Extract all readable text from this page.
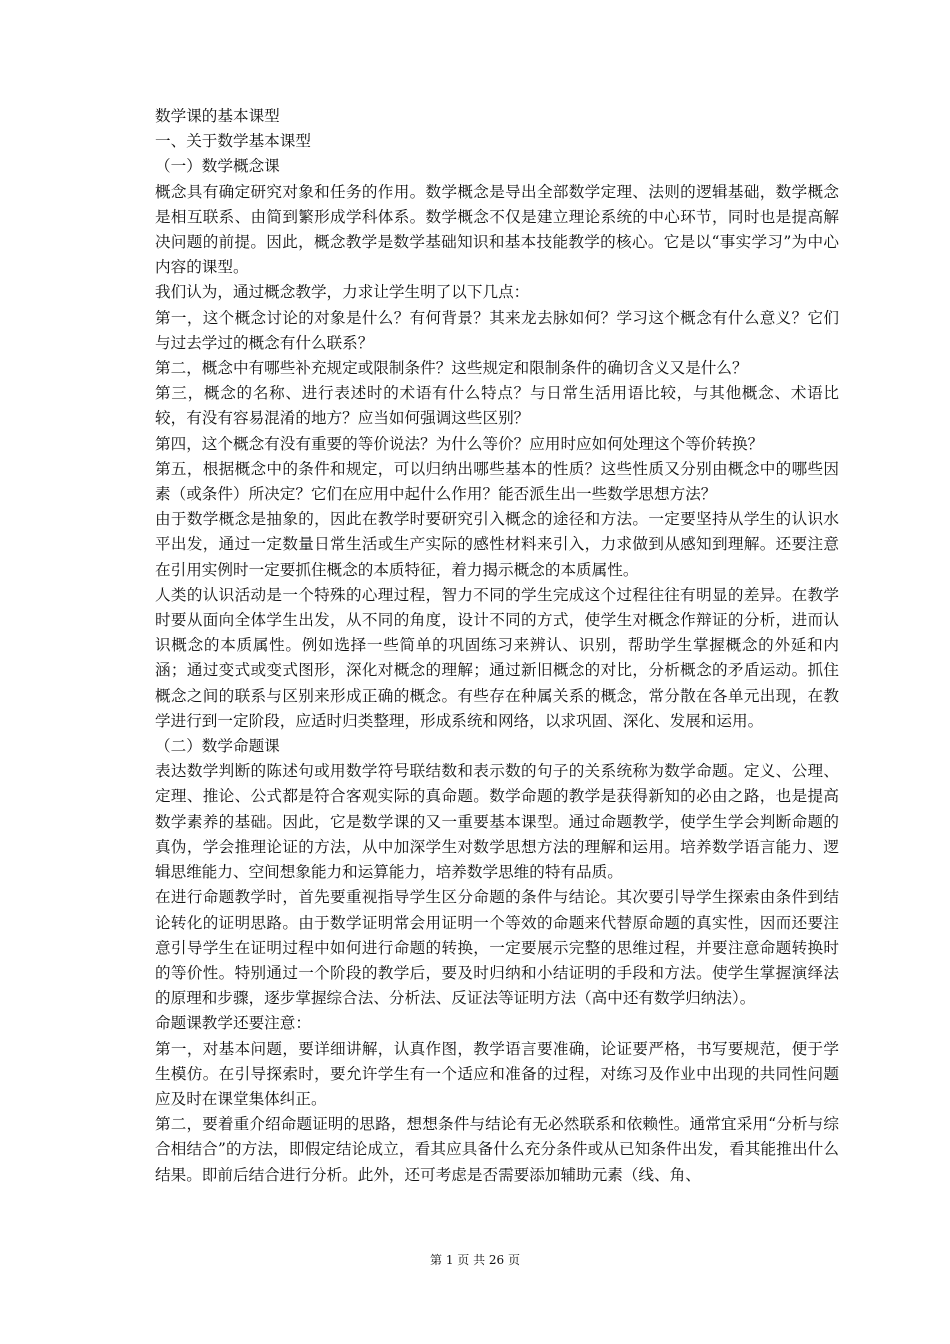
数学课的基本课型

一、关于数学基本课型

（一）数学概念课

概念具有确定研究对象和任务的作用。数学概念是导出全部数学定理、法则的逻辑基础，数学概念是相互联系、由简到繁形成学科体系。数学概念不仅是建立理论系统的中心环节，同时也是提高解决问题的前提。因此，概念教学是数学基础知识和基本技能教学的核心。它是以“事实学习”为中心内容的课型。

我们认为，通过概念教学，力求让学生明了以下几点：

第一，这个概念讨论的对象是什么？有何背景？其来龙去脉如何？学习这个概念有什么意义？它们与过去学过的概念有什么联系？

第二，概念中有哪些补充规定或限制条件？这些规定和限制条件的确切含义又是什么？

第三，概念的名称、进行表述时的术语有什么特点？与日常生活用语比较，与其他概念、术语比较，有没有容易混淆的地方？应当如何强调这些区别？

第四，这个概念有没有重要的等价说法？为什么等价？应用时应如何处理这个等价转换？

第五，根据概念中的条件和规定，可以归纳出哪些基本的性质？这些性质又分别由概念中的哪些因素（或条件）所决定？它们在应用中起什么作用？能否派生出一些数学思想方法？

由于数学概念是抽象的，因此在教学时要研究引入概念的途径和方法。一定要坚持从学生的认识水平出发，通过一定数量日常生活或生产实际的感性材料来引入，力求做到从感知到理解。还要注意在引用实例时一定要抓住概念的本质特征，着力揭示概念的本质属性。

人类的认识活动是一个特殊的心理过程，智力不同的学生完成这个过程往往有明显的差异。在教学时要从面向全体学生出发，从不同的角度，设计不同的方式，使学生对概念作辩证的分析，进而认识概念的本质属性。例如选择一些简单的巩固练习来辨认、识别，帮助学生掌握概念的外延和内涵；通过变式或变式图形，深化对概念的理解；通过新旧概念的对比，分析概念的矛盾运动。抓住概念之间的联系与区别来形成正确的概念。有些存在种属关系的概念，常分散在各单元出现，在教学进行到一定阶段，应适时归类整理，形成系统和网络，以求巩固、深化、发展和运用。

（二）数学命题课

表达数学判断的陈述句或用数学符号联结数和表示数的句子的关系统称为数学命题。定义、公理、定理、推论、公式都是符合客观实际的真命题。数学命题的教学是获得新知的必由之路，也是提高数学素养的基础。因此，它是数学课的又一重要基本课型。通过命题教学，使学生学会判断命题的真伪，学会推理论证的方法，从中加深学生对数学思想方法的理解和运用。培养数学语言能力、逻辑思维能力、空间想象能力和运算能力，培养数学思维的特有品质。

在进行命题教学时，首先要重视指导学生区分命题的条件与结论。其次要引导学生探索由条件到结论转化的证明思路。由于数学证明常会用证明一个等效的命题来代替原命题的真实性，因而还要注意引导学生在证明过程中如何进行命题的转换，一定要展示完整的思维过程，并要注意命题转换时的等价性。特别通过一个阶段的教学后，要及时归纳和小结证明的手段和方法。使学生掌握演绎法的原理和步骤，逐步掌握综合法、分析法、反证法等证明方法（高中还有数学归纳法）。

命题课教学还要注意：

第一，对基本问题，要详细讲解，认真作图，教学语言要准确，论证要严格，书写要规范，便于学生模仿。在引导探索时，要允许学生有一个适应和准备的过程，对练习及作业中出现的共同性问题应及时在课堂集体纠正。

第二，要着重介绍命题证明的思路，想想条件与结论有无必然联系和依赖性。通常宜采用“分析与综合相结合”的方法，即假定结论成立，看其应具备什么充分条件或从已知条件出发，看其能推出什么结果。即前后结合进行分析。此外，还可考虑是否需要添加辅助元素（线、角、

第 1 页 共 26 页
